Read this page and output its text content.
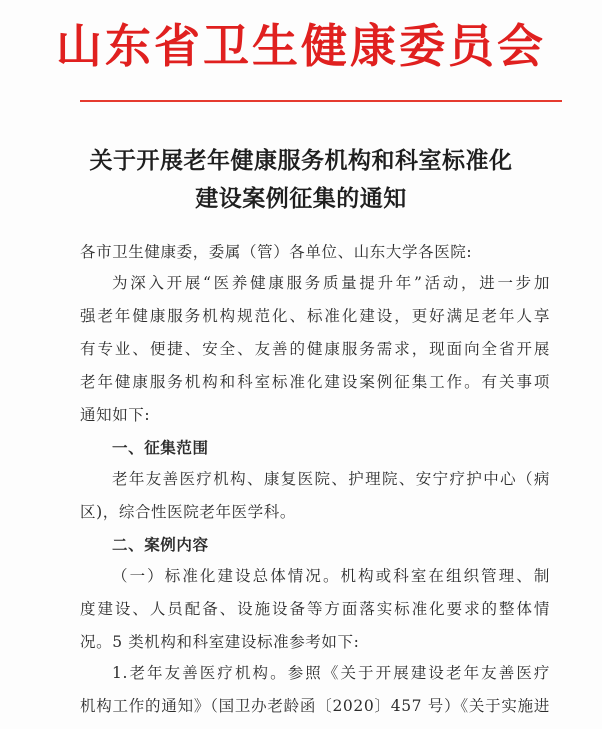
山东省卫生健康委员会
关于开展老年健康服务机构和科室标准化
建设案例征集的通知
各市卫生健康委，委属（管）各单位、山东大学各医院:
为深入开展“医养健康服务质量提升年”活动，进一步加
强老年健康服务机构规范化、标准化建设，更好满足老年人享
有专业、便捷、安全、友善的健康服务需求，现面向全省开展
老年健康服务机构和科室标准化建设案例征集工作。有关事项
通知如下:
一、征集范围
老年友善医疗机构、康复医院、护理院、安宁疗护中心（病
区)，综合性医院老年医学科。
二、案例内容
（一）标准化建设总体情况。机构或科室在组织管理、制
度建设、人员配备、设施设备等方面落实标准化要求的整体情
况。5 类机构和科室建设标准参考如下:
1.老年友善医疗机构。参照《关于开展建设老年友善医疗
机构工作的通知》（国卫办老龄函〔2020〕457 号）《关于实施进
